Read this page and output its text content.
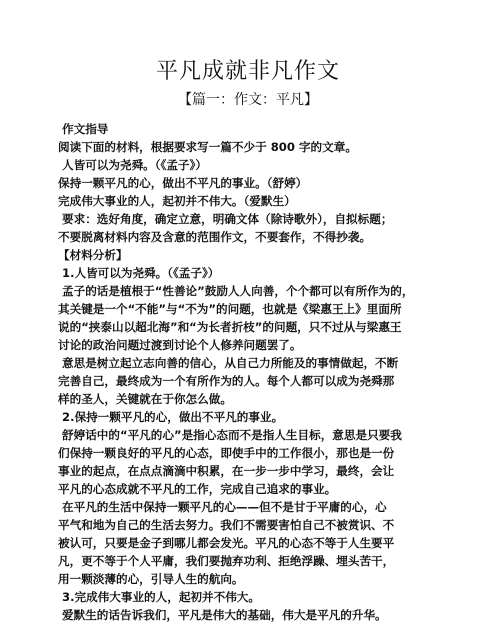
平凡成就非凡作文
【篇一：作文：平凡】

作文指导

阅读下面的材料，根据要求写一篇不少于 800 字的文章。

人皆可以为尧舜。（《孟子》）

保持一颗平凡的心，做出不平凡的事业。（舒婷）

完成伟大事业的人，起初并不伟大。（爱默生）

要求：选好角度，确定立意，明确文体（除诗歌外），自拟标题；

不要脱离材料内容及含意的范围作文，不要套作，不得抄袭。

【材料分析】

1.人皆可以为尧舜。（《孟子》）

孟子的话是植根于“性善论”鼓励人人向善，个个都可以有所作为的，

其关键是一个“不能”与“不为”的问题，也就是《梁惠王上》里面所

说的“挟泰山以超北海”和“为长者折枝”的问题，只不过从与梁惠王

讨论的政治问题过渡到讨论个人修养问题罢了。

意思是树立起立志向善的信心，从自己力所能及的事情做起，不断

完善自己，最终成为一个有所作为的人。每个人都可以成为尧舜那

样的圣人，关键就在于你怎么做。

2.保持一颗平凡的心，做出不平凡的事业。

舒婷话中的“平凡的心”是指心态而不是指人生目标，意思是只要我

们保持一颗良好的平凡的心态，即使手中的工作很小，那也是一份

事业的起点，在点点滴滴中积累，在一步一步中学习，最终，会让

平凡的心态成就不平凡的工作，完成自己追求的事业。

在平凡的生活中保持一颗平凡的心——但不是甘于平庸的心，心

平气和地为自己的生活去努力。我们不需要害怕自己不被赏识、不

被认可，只要是金子到哪儿都会发光。平凡的心态不等于人生要平

凡，更不等于个人平庸，我们要抛弃功利、拒绝浮躁、埋头苦干，

用一颗淡薄的心，引导人生的航向。

3.完成伟大事业的人，起初并不伟大。

爱默生的话告诉我们，平凡是伟大的基础，伟大是平凡的升华。
